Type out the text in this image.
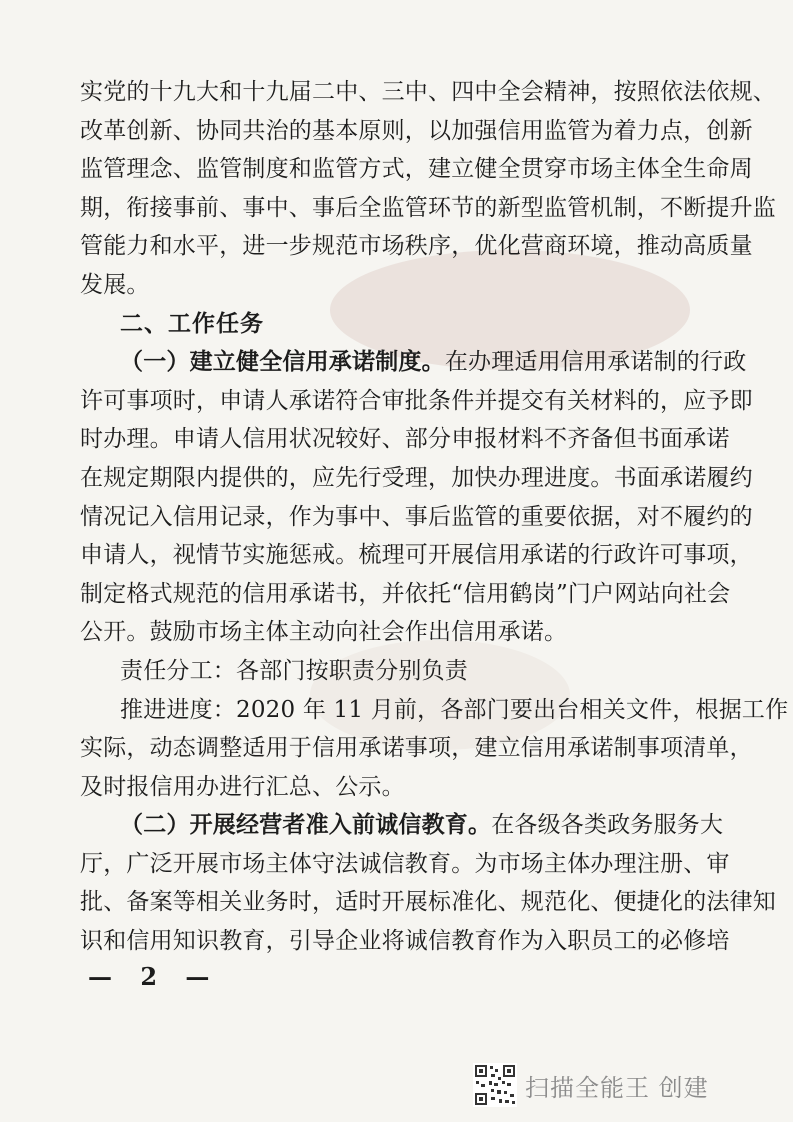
实党的十九大和十九届二中、三中、四中全会精神，按照依法依规、
改革创新、协同共治的基本原则，以加强信用监管为着力点，创新
监管理念、监管制度和监管方式，建立健全贯穿市场主体全生命周
期，衔接事前、事中、事后全监管环节的新型监管机制，不断提升监
管能力和水平，进一步规范市场秩序，优化营商环境，推动高质量
发展。
二、工作任务
（一）建立健全信用承诺制度。在办理适用信用承诺制的行政
许可事项时，申请人承诺符合审批条件并提交有关材料的，应予即
时办理。申请人信用状况较好、部分申报材料不齐备但书面承诺
在规定期限内提供的，应先行受理，加快办理进度。书面承诺履约
情况记入信用记录，作为事中、事后监管的重要依据，对不履约的
申请人，视情节实施惩戒。梳理可开展信用承诺的行政许可事项，
制定格式规范的信用承诺书，并依托“信用鹤岗”门户网站向社会
公开。鼓励市场主体主动向社会作出信用承诺。
责任分工：各部门按职责分别负责
推进进度：2020 年 11 月前，各部门要出台相关文件，根据工作
实际，动态调整适用于信用承诺事项，建立信用承诺制事项清单，
及时报信用办进行汇总、公示。
（二）开展经营者准入前诚信教育。在各级各类政务服务大
厅，广泛开展市场主体守法诚信教育。为市场主体办理注册、审
批、备案等相关业务时，适时开展标准化、规范化、便捷化的法律知
识和信用知识教育，引导企业将诚信教育作为入职员工的必修培
— 2 —
扫描全能王 创建
